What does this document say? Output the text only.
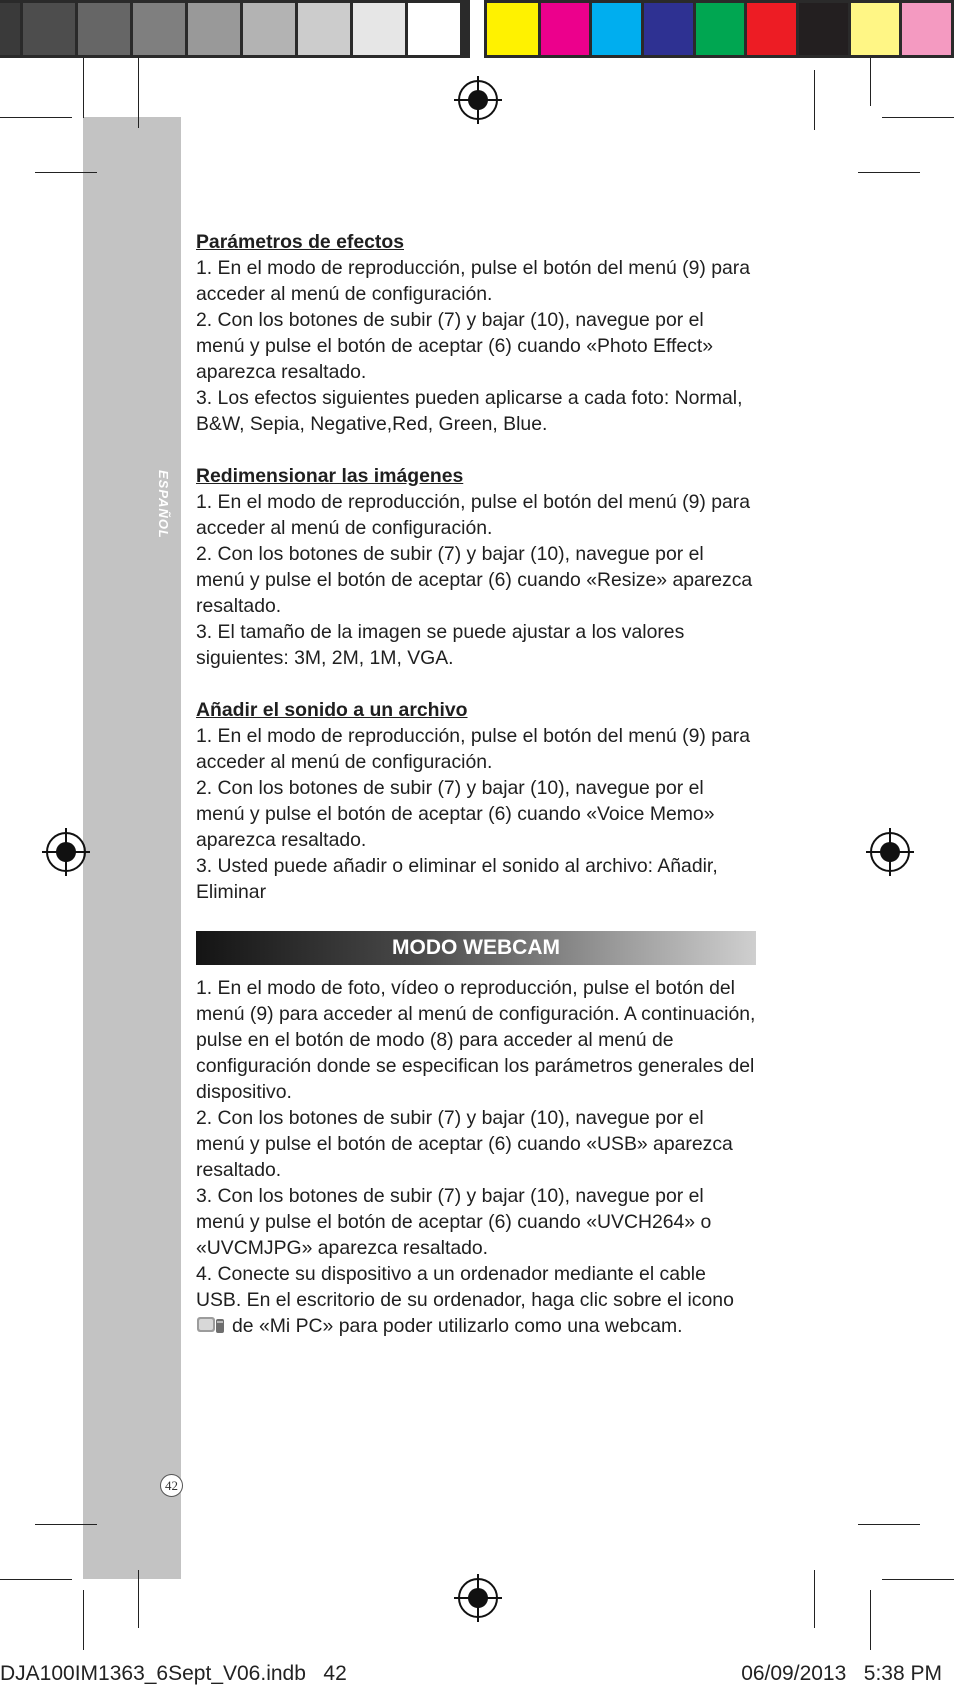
ESPAÑOL
42
Parámetros de efectos
1. En el modo de reproducción, pulse el botón del menú (9) para acceder al menú de configuración.
2. Con los botones de subir (7) y bajar (10), navegue por el menú y pulse el botón de aceptar (6) cuando «Photo Effect» aparezca resaltado.
3. Los efectos siguientes pueden aplicarse a cada foto: Normal, B&W, Sepia, Negative,Red, Green, Blue.
Redimensionar las imágenes
1. En el modo de reproducción, pulse el botón del menú (9) para acceder al menú de configuración.
2. Con los botones de subir (7) y bajar (10), navegue por el menú y pulse el botón de aceptar (6) cuando «Resize» aparezca resaltado.
3. El tamaño de la imagen se puede ajustar a los valores siguientes: 3M, 2M, 1M, VGA.
Añadir el sonido a un archivo
1. En el modo de reproducción, pulse el botón del menú (9) para acceder al menú de configuración.
2. Con los botones de subir (7) y bajar (10), navegue por el menú y pulse el botón de aceptar (6) cuando «Voice Memo» aparezca resaltado.
3. Usted puede añadir o eliminar el sonido al archivo: Añadir, Eliminar
MODO WEBCAM
1. En el modo de foto, vídeo o reproducción, pulse el botón del menú (9) para acceder al menú de configuración. A continuación, pulse en el botón de modo (8) para acceder al menú de configuración donde se especifican los parámetros generales del dispositivo.
2. Con los botones de subir (7) y bajar (10), navegue por el menú y pulse el botón de aceptar (6) cuando «USB» aparezca resaltado.
3. Con los botones de subir (7) y bajar (10), navegue por el menú y pulse el botón de aceptar (6) cuando «UVCH264» o «UVCMJPG» aparezca resaltado.
4. Conecte su dispositivo a un ordenador mediante el cable USB. En el escritorio de su ordenador, haga clic sobre el icono
de «Mi PC» para poder utilizarlo como una webcam.
DJA100IM1363_6Sept_V06.indb   42	06/09/2013   5:38 PM
